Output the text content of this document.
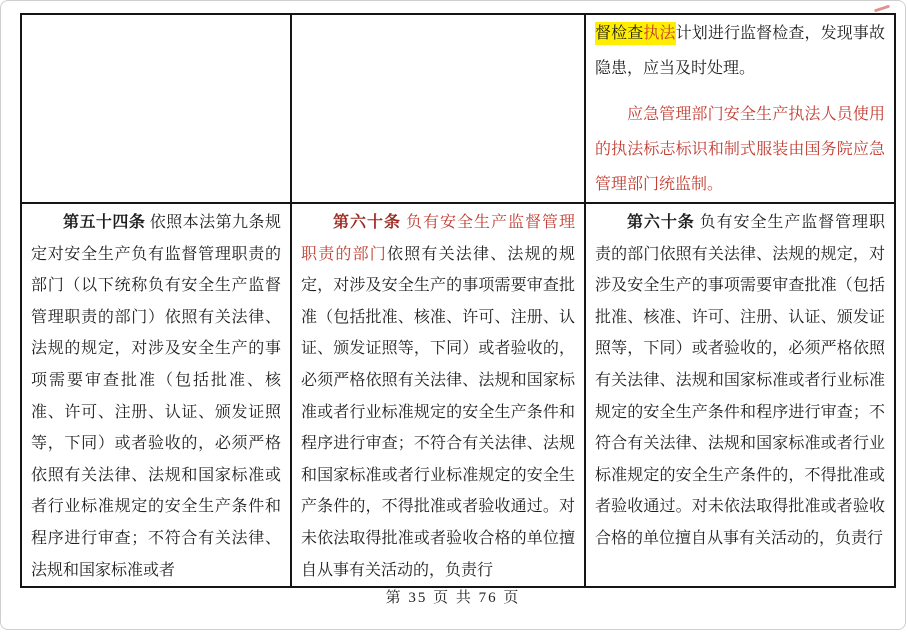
		督检查执法计划进行监督检查，发现事故隐患，应当及时处理。

应急管理部门安全生产执法人员使用的执法标志标识和制式服装由国务院应急管理部门统监制。

第五十四条 依照本法第九条规定对安全生产负有监督管理职责的部门（以下统称负有安全生产监督管理职责的部门）依照有关法律、法规的规定，对涉及安全生产的事项需要审查批准（包括批准、核准、许可、注册、认证、颁发证照等，下同）或者验收的，必须严格依照有关法律、法规和国家标准或者行业标准规定的安全生产条件和程序进行审查；不符合有关法律、法规和国家标准或者	第六十条 负有安全生产监督管理职责的部门依照有关法律、法规的规定，对涉及安全生产的事项需要审查批准（包括批准、核准、许可、注册、认证、颁发证照等，下同）或者验收的，必须严格依照有关法律、法规和国家标准或者行业标准规定的安全生产条件和程序进行审查；不符合有关法律、法规和国家标准或者行业标准规定的安全生产条件的，不得批准或者验收通过。对未依法取得批准或者验收合格的单位擅自从事有关活动的，负责行	第六十条 负有安全生产监督管理职责的部门依照有关法律、法规的规定，对涉及安全生产的事项需要审查批准（包括批准、核准、许可、注册、认证、颁发证照等，下同）或者验收的，必须严格依照有关法律、法规和国家标准或者行业标准规定的安全生产条件和程序进行审查；不符合有关法律、法规和国家标准或者行业标准规定的安全生产条件的，不得批准或者验收通过。对未依法取得批准或者验收合格的单位擅自从事有关活动的，负责行

第 35 页 共 76 页
